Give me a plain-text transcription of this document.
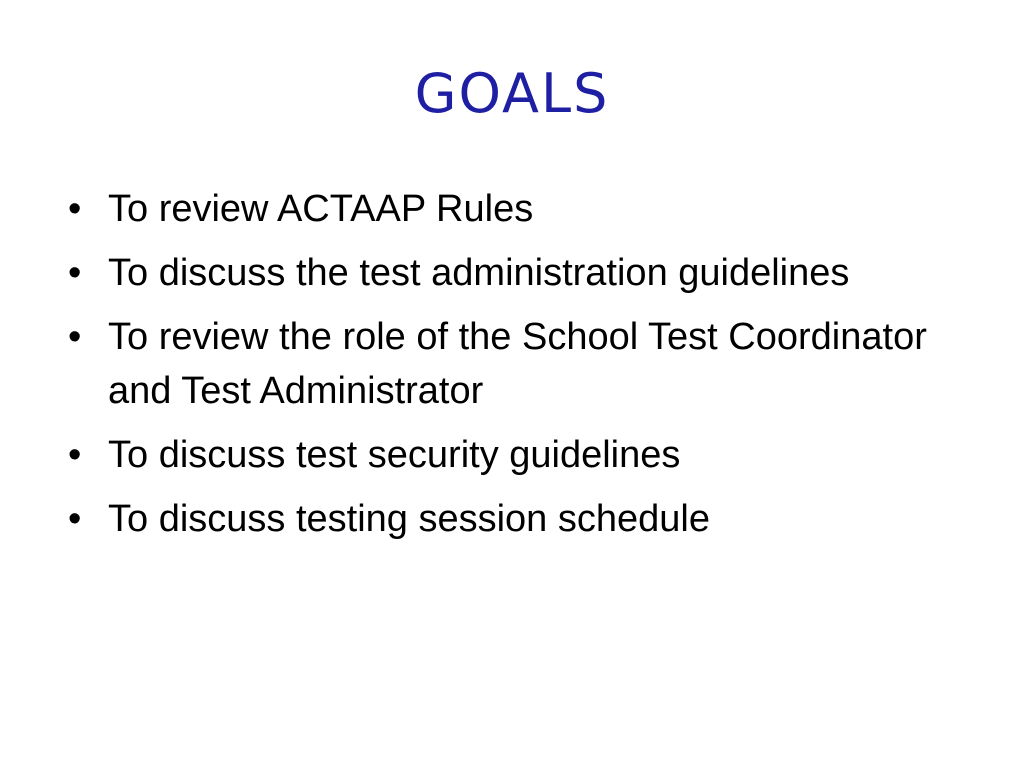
GOALS
• To review ACTAAP Rules
• To discuss the test administration guidelines
• To review the role of the School Test Coordinator and Test Administrator
• To discuss test security guidelines
• To discuss testing session schedule
